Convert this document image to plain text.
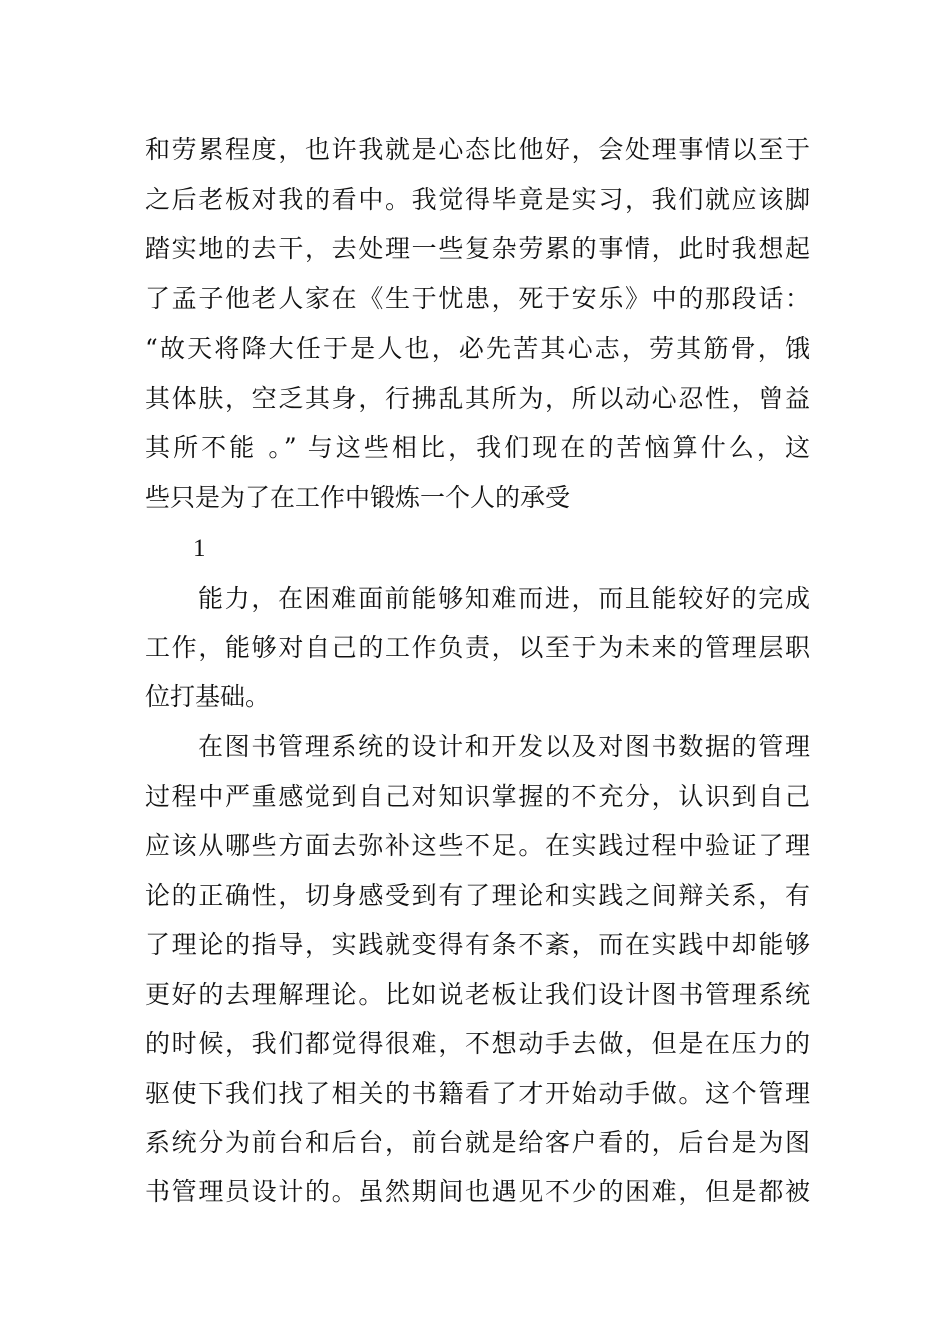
和劳累程度，也许我就是心态比他好，会处理事情以至于
之后老板对我的看中。我觉得毕竟是实习，我们就应该脚
踏实地的去干，去处理一些复杂劳累的事情，此时我想起
了孟子他老人家在《生于忧患，死于安乐》中的那段话：
“故天将降大任于是人也，必先苦其心志，劳其筋骨，饿
其体肤，空乏其身，行拂乱其所为，所以动心忍性，曾益
其所不能 。” 与这些相比，我们现在的苦恼算什么，这
些只是为了在工作中锻炼一个人的承受
1
能力，在困难面前能够知难而进，而且能较好的完成
工作，能够对自己的工作负责，以至于为未来的管理层职
位打基础。
在图书管理系统的设计和开发以及对图书数据的管理
过程中严重感觉到自己对知识掌握的不充分，认识到自己
应该从哪些方面去弥补这些不足。在实践过程中验证了理
论的正确性，切身感受到有了理论和实践之间辩关系，有
了理论的指导，实践就变得有条不紊，而在实践中却能够
更好的去理解理论。比如说老板让我们设计图书管理系统
的时候，我们都觉得很难，不想动手去做，但是在压力的
驱使下我们找了相关的书籍看了才开始动手做。这个管理
系统分为前台和后台，前台就是给客户看的，后台是为图
书管理员设计的。虽然期间也遇见不少的困难，但是都被
